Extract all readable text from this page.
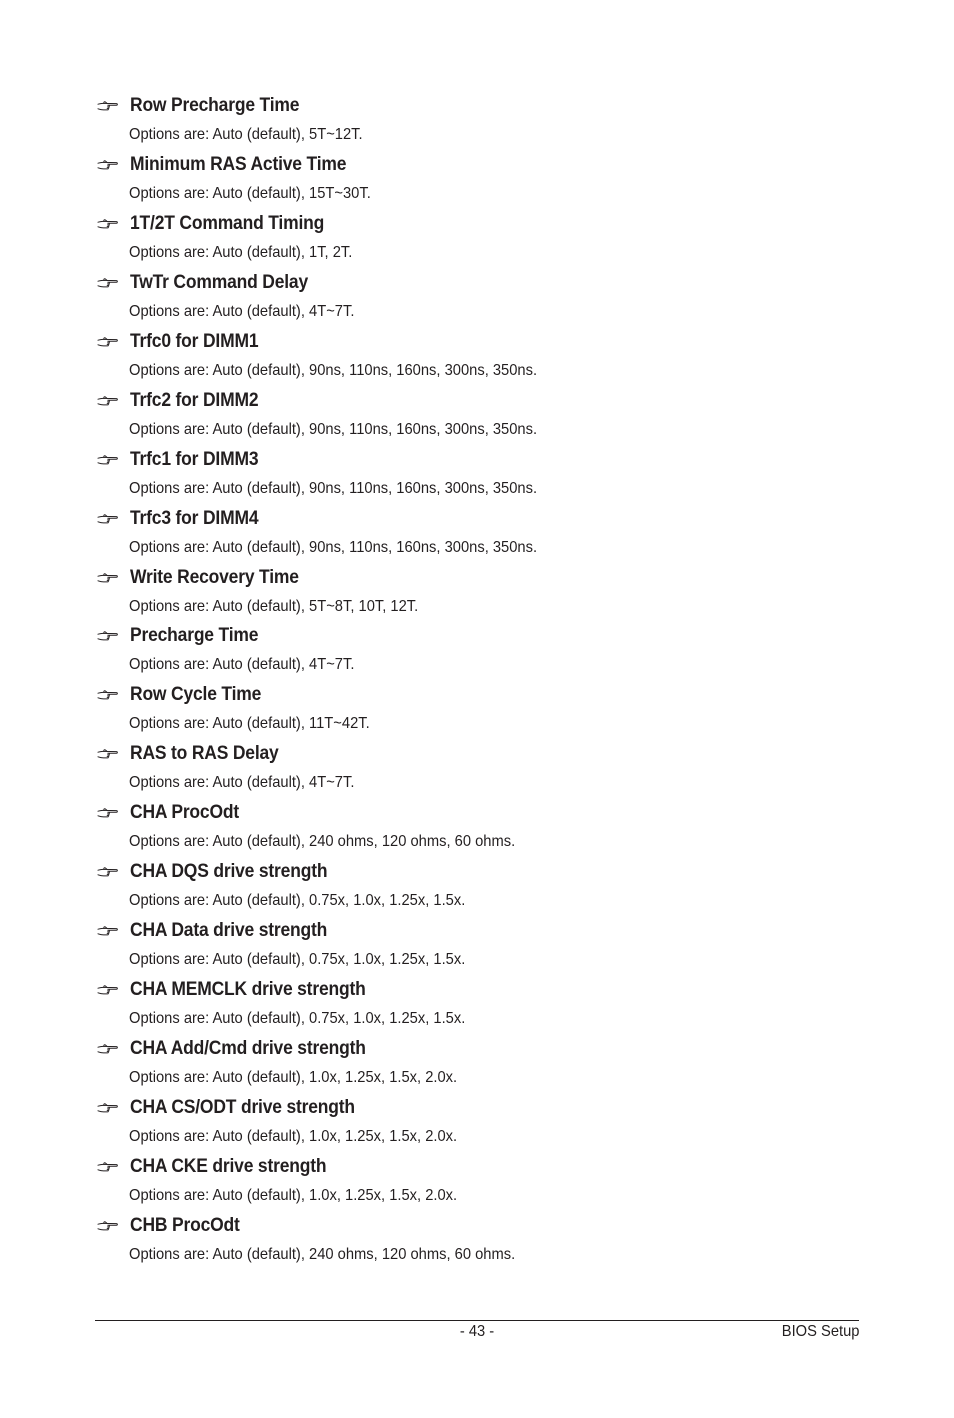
Row Precharge Time
Options are: Auto (default), 5T~12T.
Minimum RAS Active Time
Options are: Auto (default), 15T~30T.
1T/2T Command Timing
Options are: Auto (default), 1T, 2T.
TwTr Command Delay
Options are: Auto (default), 4T~7T.
Trfc0 for DIMM1
Options are: Auto (default), 90ns, 110ns, 160ns, 300ns, 350ns.
Trfc2 for DIMM2
Options are: Auto (default), 90ns, 110ns, 160ns, 300ns, 350ns.
Trfc1 for DIMM3
Options are: Auto (default), 90ns, 110ns, 160ns, 300ns, 350ns.
Trfc3 for DIMM4
Options are: Auto (default), 90ns, 110ns, 160ns, 300ns, 350ns.
Write Recovery Time
Options are: Auto (default), 5T~8T, 10T, 12T.
Precharge Time
Options are: Auto (default), 4T~7T.
Row Cycle Time
Options are: Auto (default), 11T~42T.
RAS to RAS Delay
Options are: Auto (default), 4T~7T.
CHA ProcOdt
Options are: Auto (default), 240 ohms, 120 ohms, 60 ohms.
CHA DQS drive strength
Options are: Auto (default), 0.75x, 1.0x, 1.25x, 1.5x.
CHA Data drive strength
Options are: Auto (default), 0.75x, 1.0x, 1.25x, 1.5x.
CHA MEMCLK drive strength
Options are: Auto (default), 0.75x, 1.0x, 1.25x, 1.5x.
CHA Add/Cmd drive strength
Options are: Auto (default), 1.0x, 1.25x, 1.5x, 2.0x.
CHA CS/ODT drive strength
Options are: Auto (default), 1.0x, 1.25x, 1.5x, 2.0x.
CHA CKE drive strength
Options are: Auto (default), 1.0x, 1.25x, 1.5x, 2.0x.
CHB ProcOdt
Options are: Auto (default), 240 ohms, 120 ohms, 60 ohms.
- 43 -	BIOS Setup
